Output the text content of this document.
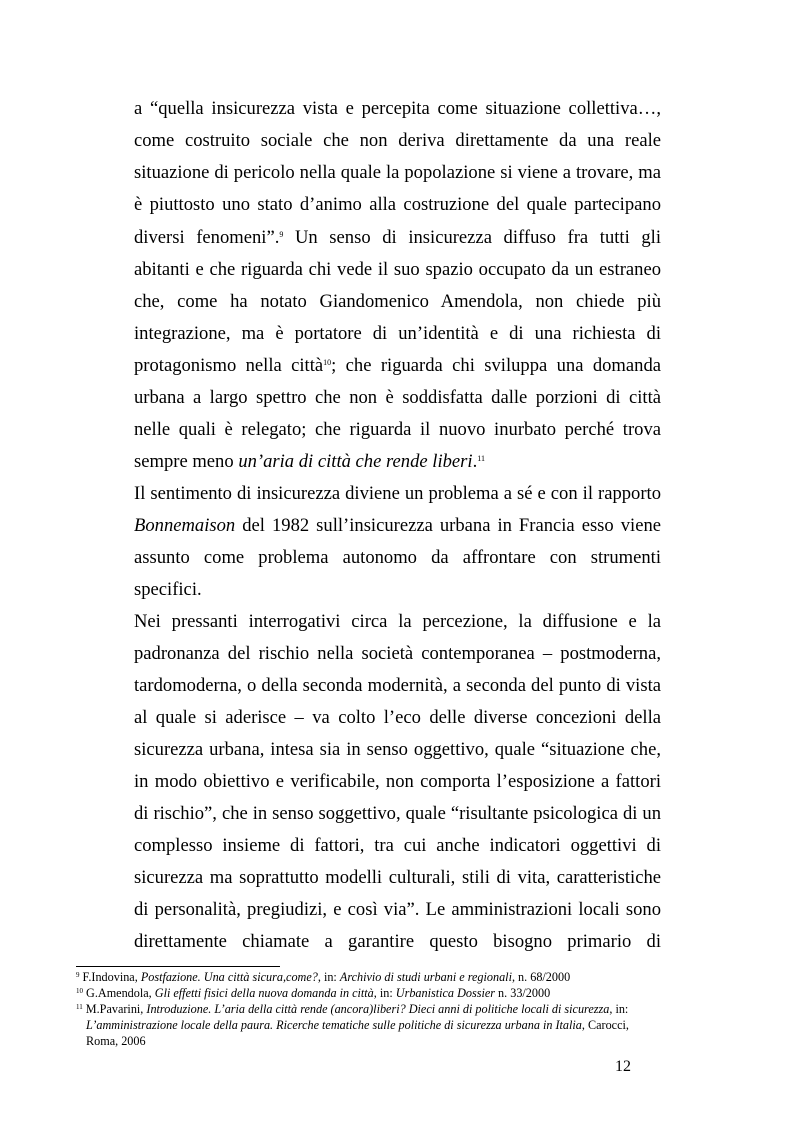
a “quella insicurezza vista e percepita come situazione collettiva…,
come costruito sociale che non deriva direttamente da una reale
situazione di pericolo nella quale la popolazione si viene a trovare, ma
è piuttosto uno stato d’animo alla costruzione del quale partecipano
diversi fenomeni”.$^9$ Un senso di insicurezza diffuso fra tutti gli
abitanti e che riguarda chi vede il suo spazio occupato da un estraneo
che, come ha notato Giandomenico Amendola, non chiede più
integrazione, ma è portatore di un’identità e di una richiesta di
protagonismo nella città$^{10}$; che riguarda chi sviluppa una domanda
urbana a largo spettro che non è soddisfatta dalle porzioni di città
nelle quali è relegato; che riguarda il nuovo inurbato perché trova
sempre meno un’aria di città che rende liberi.$^{11}$
Il sentimento di insicurezza diviene un problema a sé e con il rapporto
Bonnemaison del 1982 sull’insicurezza urbana in Francia esso viene
assunto come problema autonomo da affrontare con strumenti
specifici.
Nei pressanti interrogativi circa la percezione, la diffusione e la
padronanza del rischio nella società contemporanea – postmoderna,
tardomoderna, o della seconda modernità, a seconda del punto di vista
al quale si aderisce – va colto l’eco delle diverse concezioni della
sicurezza urbana, intesa sia in senso oggettivo, quale “situazione che,
in modo obiettivo e verificabile, non comporta l’esposizione a fattori
di rischio”, che in senso soggettivo, quale “risultante psicologica di un
complesso insieme di fattori, tra cui anche indicatori oggettivi di
sicurezza ma soprattutto modelli culturali, stili di vita, caratteristiche
di personalità, pregiudizi, e così via”. Le amministrazioni locali sono
direttamente chiamate a garantire questo bisogno primario di
$^9$ F.Indovina, Postfazione. Una città sicura,come?, in: Archivio di studi urbani e regionali, n. 68/2000
$^{10}$ G.Amendola, Gli effetti fisici della nuova domanda in città, in: Urbanistica Dossier n. 33/2000
$^{11}$ M.Pavarini, Introduzione. L’aria della città rende (ancora)liberi? Dieci anni di politiche locali di sicurezza, in:
L’amministrazione locale della paura. Ricerche tematiche sulle politiche di sicurezza urbana in Italia, Carocci,
Roma, 2006
12
